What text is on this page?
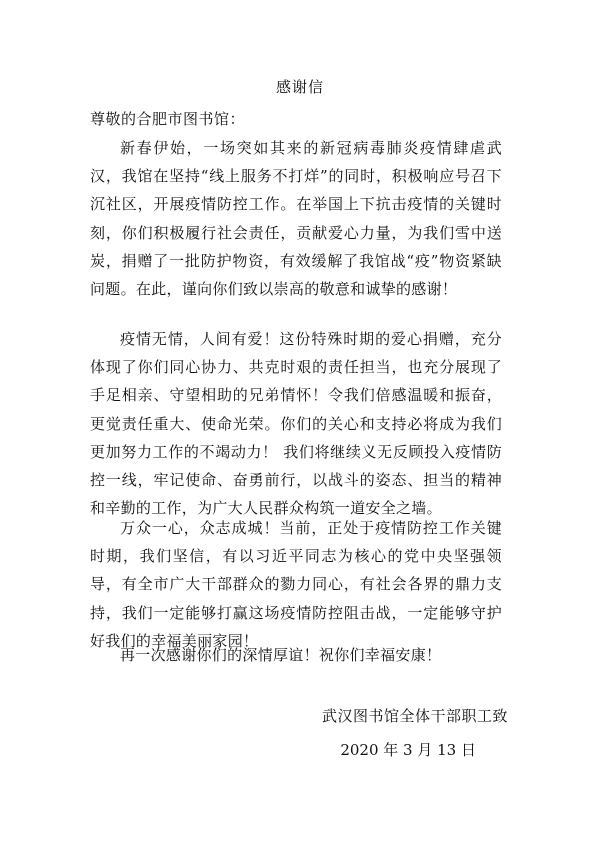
感谢信
尊敬的合肥市图书馆：

新春伊始，一场突如其来的新冠病毒肺炎疫情肆虐武汉，我馆在坚持“线上服务不打烊”的同时，积极响应号召下沉社区，开展疫情防控工作。在举国上下抗击疫情的关键时刻，你们积极履行社会责任，贡献爱心力量，为我们雪中送炭，捐赠了一批防护物资，有效缓解了我馆战“疫”物资紧缺问题。在此，谨向你们致以崇高的敬意和诚挚的感谢！

疫情无情，人间有爱！这份特殊时期的爱心捐赠，充分体现了你们同心协力、共克时艰的责任担当，也充分展现了手足相亲、守望相助的兄弟情怀！令我们倍感温暖和振奋，更觉责任重大、使命光荣。你们的关心和支持必将成为我们更加努力工作的不竭动力！ 我们将继续义无反顾投入疫情防控一线，牢记使命、奋勇前行，以战斗的姿态、担当的精神和辛勤的工作，为广大人民群众构筑一道安全之墙。

万众一心，众志成城！当前，正处于疫情防控工作关键时期，我们坚信，有以习近平同志为核心的党中央坚强领导，有全市广大干部群众的勠力同心，有社会各界的鼎力支持，我们一定能够打赢这场疫情防控阻击战，一定能够守护好我们的幸福美丽家园！

再一次感谢你们的深情厚谊！祝你们幸福安康！

武汉图书馆全体干部职工致
2020 年 3 月 13 日
